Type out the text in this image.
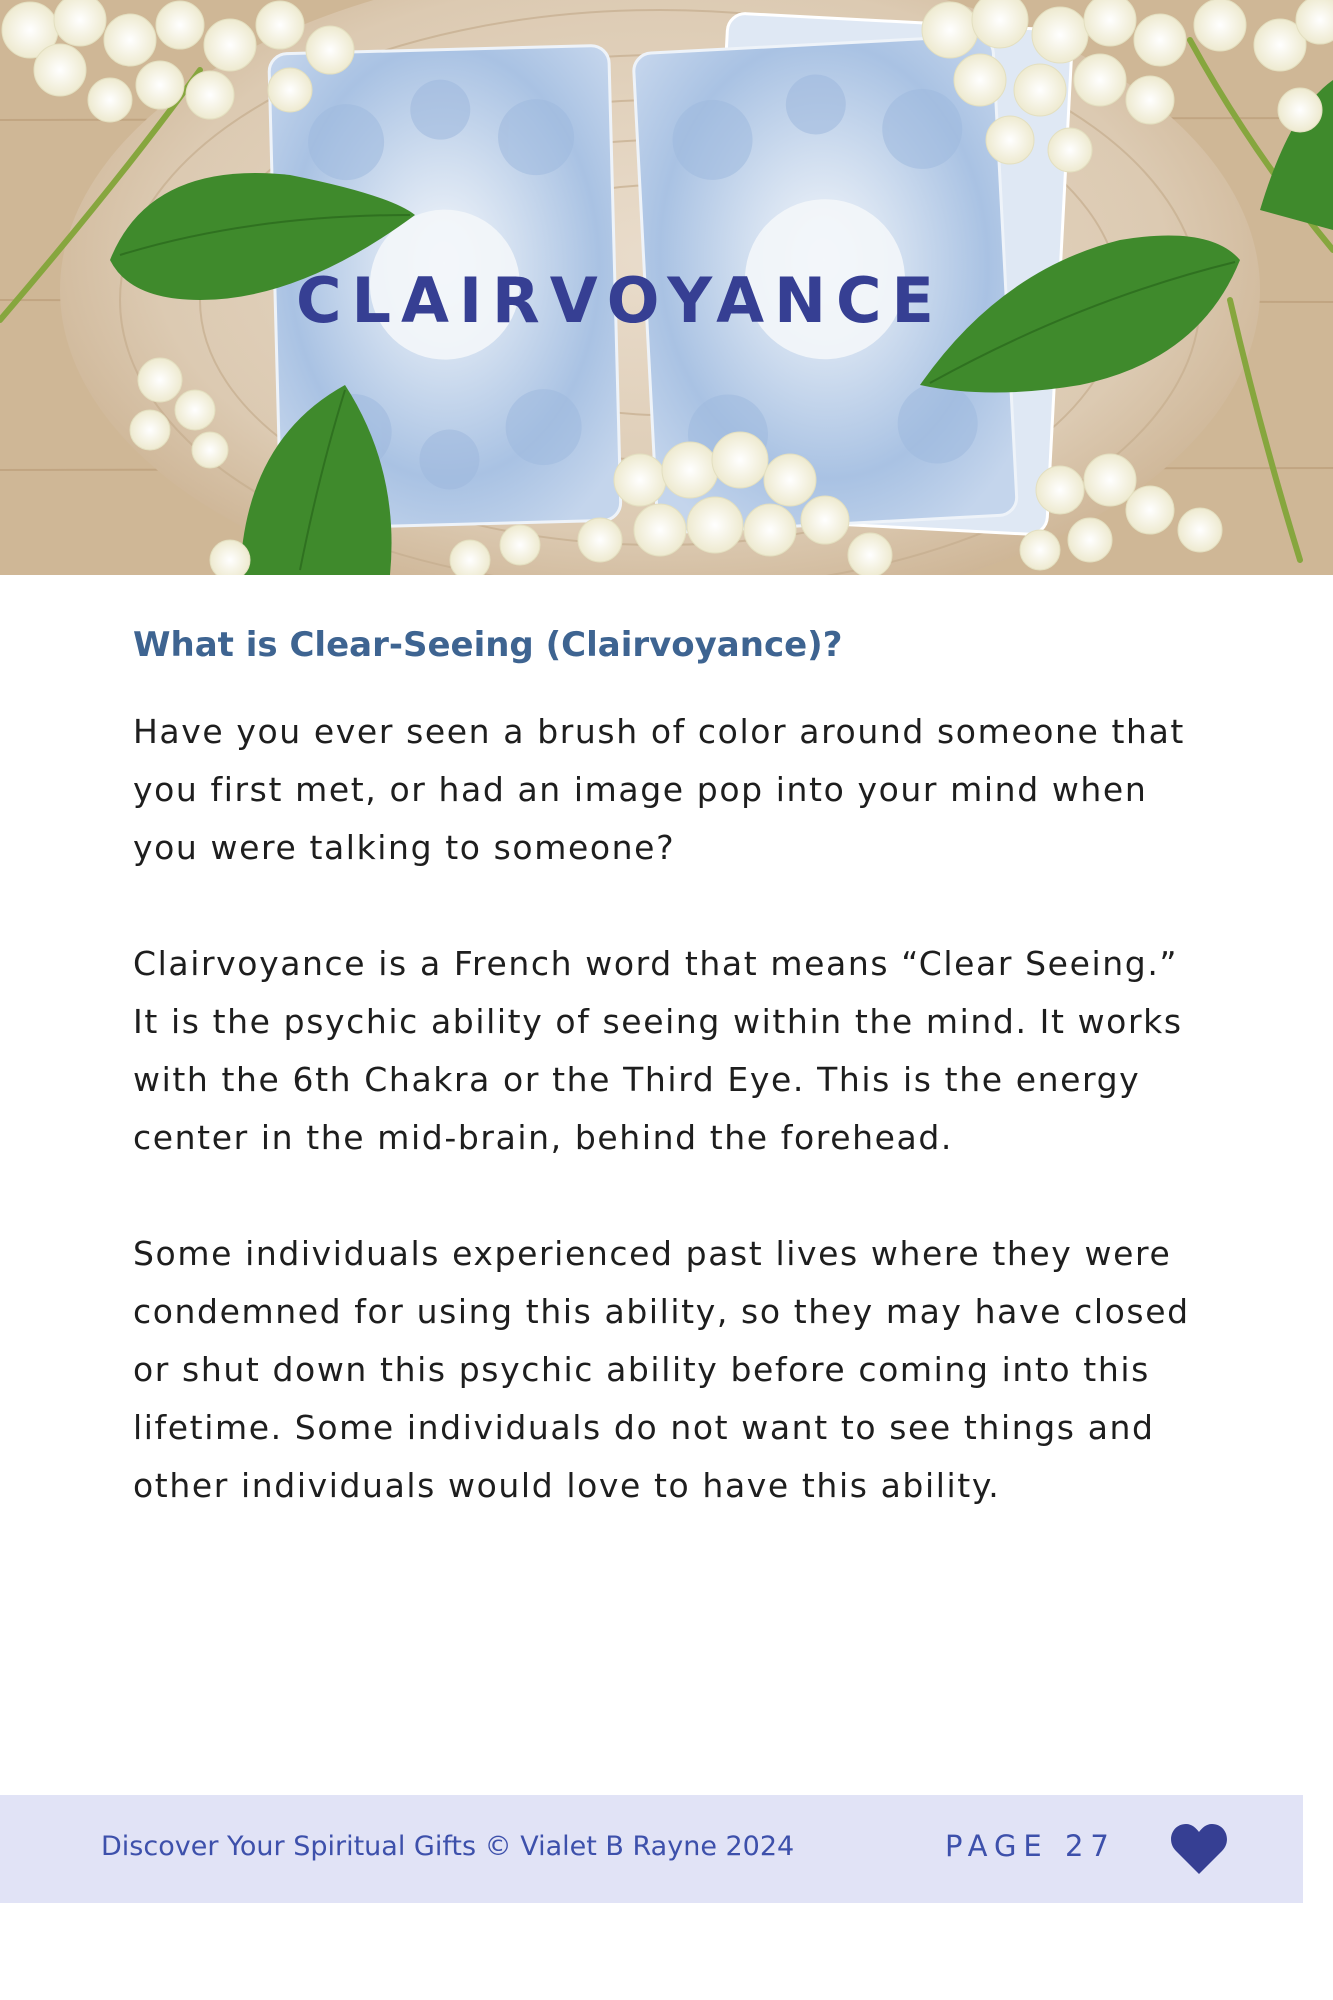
CLAIRVOYANCE
What is Clear-Seeing (Clairvoyance)?

Have you ever seen a brush of color around someone that you first met, or had an image pop into your mind when you were talking to someone?

Clairvoyance is a French word that means “Clear Seeing.” It is the psychic ability of seeing within the mind. It works with the 6th Chakra or the Third Eye. This is the energy center in the mid-brain, behind the forehead.

Some individuals experienced past lives where they were condemned for using this ability, so they may have closed or shut down this psychic ability before coming into this lifetime. Some individuals do not want to see things and other individuals would love to have this ability.

Discover Your Spiritual Gifts © Vialet B Rayne 2024	PAGE 27
